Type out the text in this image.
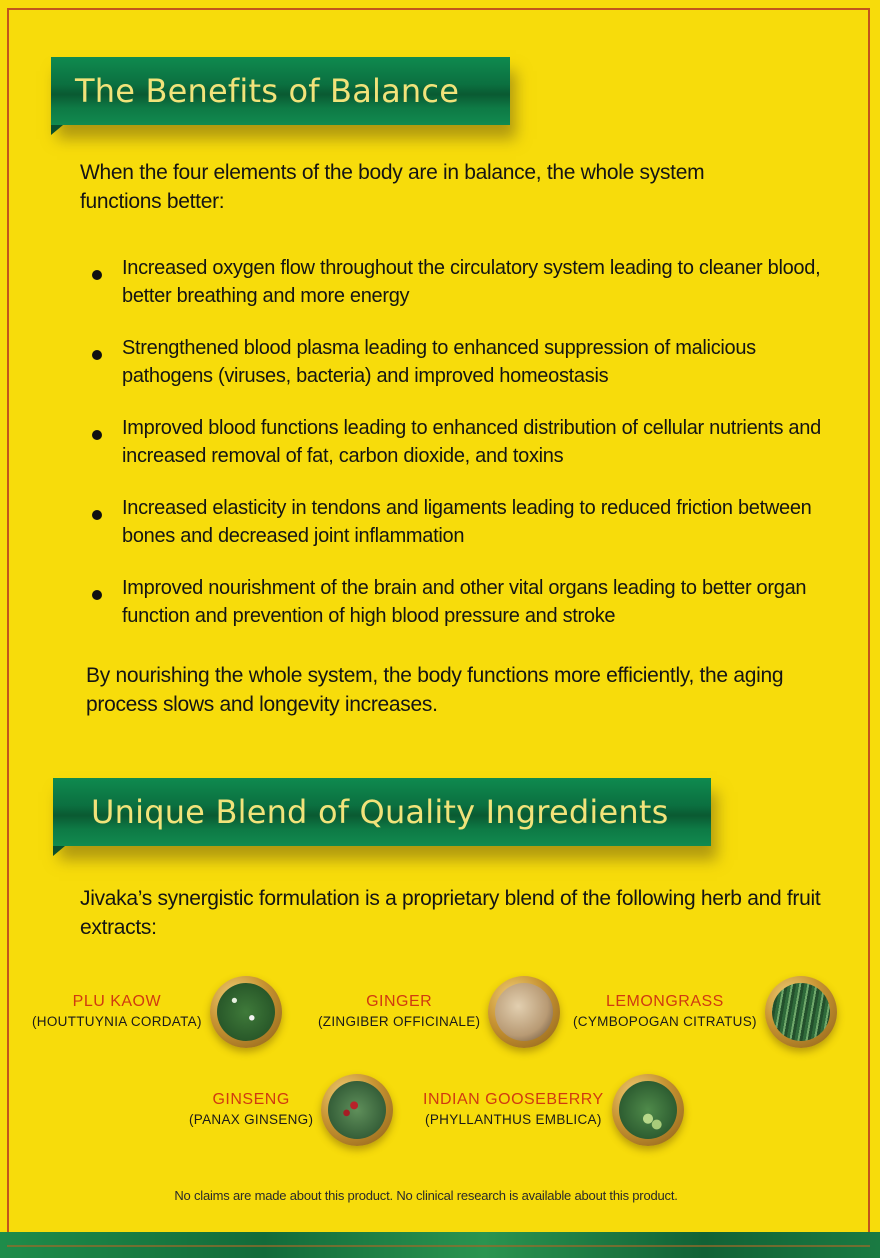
The Benefits of Balance
When the four elements of the body are in balance, the whole system functions better:
Increased oxygen flow throughout the circulatory system leading to cleaner blood, better breathing and more energy
Strengthened blood plasma leading to enhanced suppression of malicious pathogens (viruses, bacteria) and improved homeostasis
Improved blood functions leading to enhanced distribution of cellular nutrients and increased removal of fat, carbon dioxide, and toxins
Increased elasticity in tendons and ligaments leading to reduced friction between bones and decreased joint inflammation
Improved nourishment of the brain and other vital organs leading to better organ function and prevention of high blood pressure and stroke
By nourishing the whole system, the body functions more efficiently, the aging process slows and longevity increases.
Unique Blend of Quality Ingredients
Jivaka’s synergistic formulation is a proprietary blend of the following herb and fruit extracts:
PLU KAOW
(HOUTTUYNIA CORDATA)
GINGER
(ZINGIBER OFFICINALE)
LEMONGRASS
(CYMBOPOGAN CITRATUS)
GINSENG
(PANAX GINSENG)
INDIAN GOOSEBERRY
(PHYLLANTHUS EMBLICA)
No claims are made about this product. No clinical research is available about this product.
